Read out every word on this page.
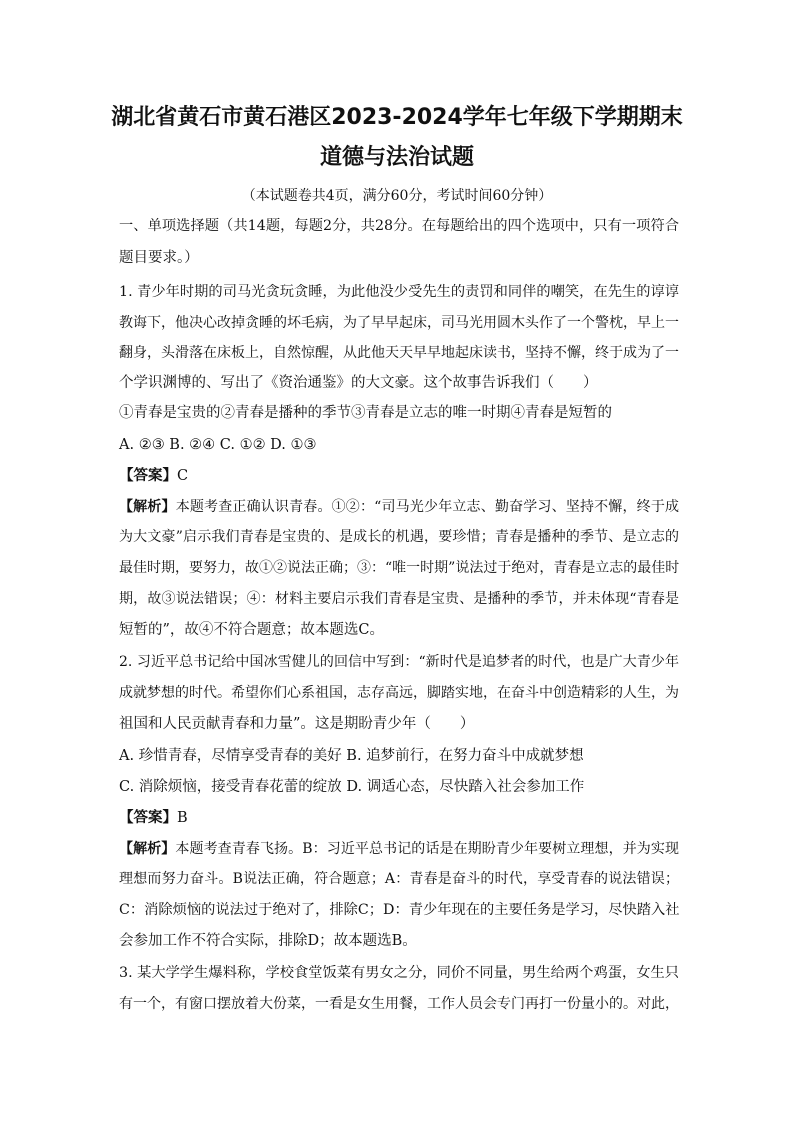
湖北省黄石市黄石港区2023-2024学年七年级下学期期末
道德与法治试题
（本试题卷共4页，满分60分，考试时间60分钟）
一、单项选择题（共14题，每题2分，共28分。在每题给出的四个选项中，只有一项符合
题目要求。）
1. 青少年时期的司马光贪玩贪睡，为此他没少受先生的责罚和同伴的嘲笑，在先生的谆谆
教诲下，他决心改掉贪睡的坏毛病，为了早早起床，司马光用圆木头作了一个警枕，早上一
翻身，头滑落在床板上，自然惊醒，从此他天天早早地起床读书，坚持不懈，终于成为了一
个学识渊博的、写出了《资治通鉴》的大文豪。这个故事告诉我们（　　）
①青春是宝贵的②青春是播种的季节③青春是立志的唯一时期④青春是短暂的
A. ②③ B. ②④ C. ①② D. ①③
【答案】C
【解析】本题考查正确认识青春。①②：“司马光少年立志、勤奋学习、坚持不懈，终于成
为大文豪”启示我们青春是宝贵的、是成长的机遇，要珍惜；青春是播种的季节、是立志的
最佳时期，要努力，故①②说法正确；③：“唯一时期”说法过于绝对，青春是立志的最佳时
期，故③说法错误；④：材料主要启示我们青春是宝贵、是播种的季节，并未体现“青春是
短暂的”，故④不符合题意；故本题选C。
2. 习近平总书记给中国冰雪健儿的回信中写到：“新时代是追梦者的时代，也是广大青少年
成就梦想的时代。希望你们心系祖国，志存高远，脚踏实地，在奋斗中创造精彩的人生，为
祖国和人民贡献青春和力量”。这是期盼青少年（　　）
A. 珍惜青春，尽情享受青春的美好 B. 追梦前行，在努力奋斗中成就梦想
C. 消除烦恼，接受青春花蕾的绽放 D. 调适心态，尽快踏入社会参加工作
【答案】B
【解析】本题考查青春飞扬。B：习近平总书记的话是在期盼青少年要树立理想，并为实现
理想而努力奋斗。B说法正确，符合题意；A：青春是奋斗的时代，享受青春的说法错误；
C：消除烦恼的说法过于绝对了，排除C；D：青少年现在的主要任务是学习，尽快踏入社
会参加工作不符合实际，排除D；故本题选B。
3. 某大学学生爆料称，学校食堂饭菜有男女之分，同价不同量，男生给两个鸡蛋，女生只
有一个，有窗口摆放着大份菜，一看是女生用餐，工作人员会专门再打一份量小的。对此，
